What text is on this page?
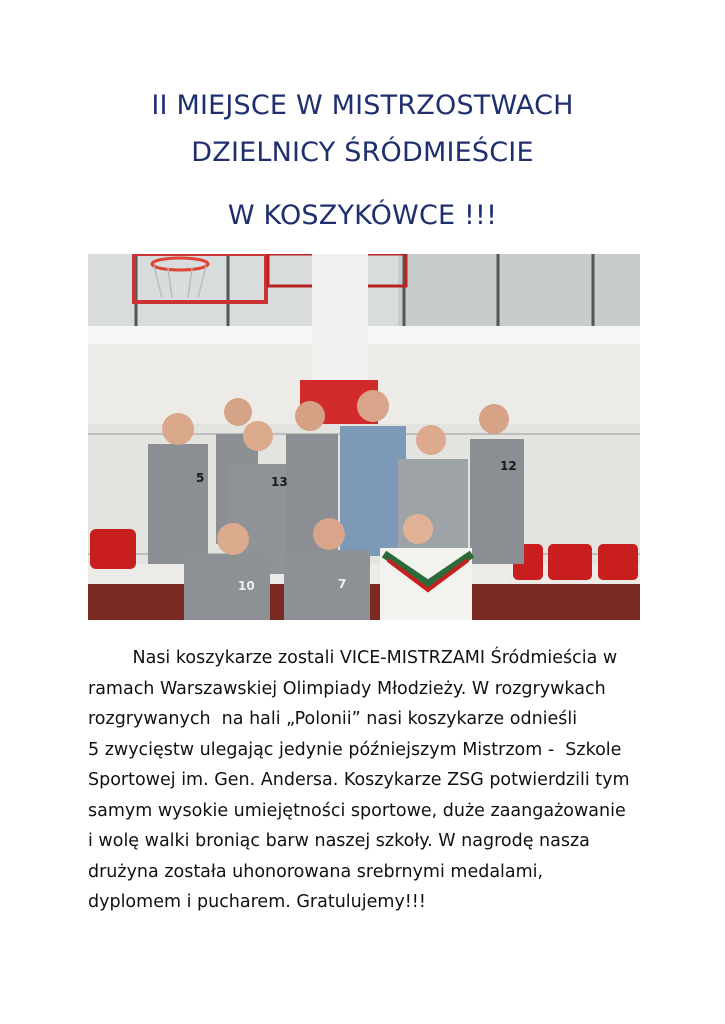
II MIEJSCE W MISTRZOSTWACH
DZIELNICY ŚRÓDMIEŚCIE
W KOSZYKÓWCE !!!
5	13
12
10	7	12
Nasi koszykarze zostali VICE-MISTRZAMI Śródmieścia w
ramach Warszawskiej Olimpiady Młodzieży. W rozgrywkach
rozgrywanych  na hali „Polonii” nasi koszykarze odnieśli
5 zwycięstw ulegając jedynie późniejszym Mistrzom -  Szkole
Sportowej im. Gen. Andersa. Koszykarze ZSG potwierdzili tym
samym wysokie umiejętności sportowe, duże zaangażowanie
i wolę walki broniąc barw naszej szkoły. W nagrodę nasza
drużyna została uhonorowana srebrnymi medalami,
dyplomem i pucharem. Gratulujemy!!!
